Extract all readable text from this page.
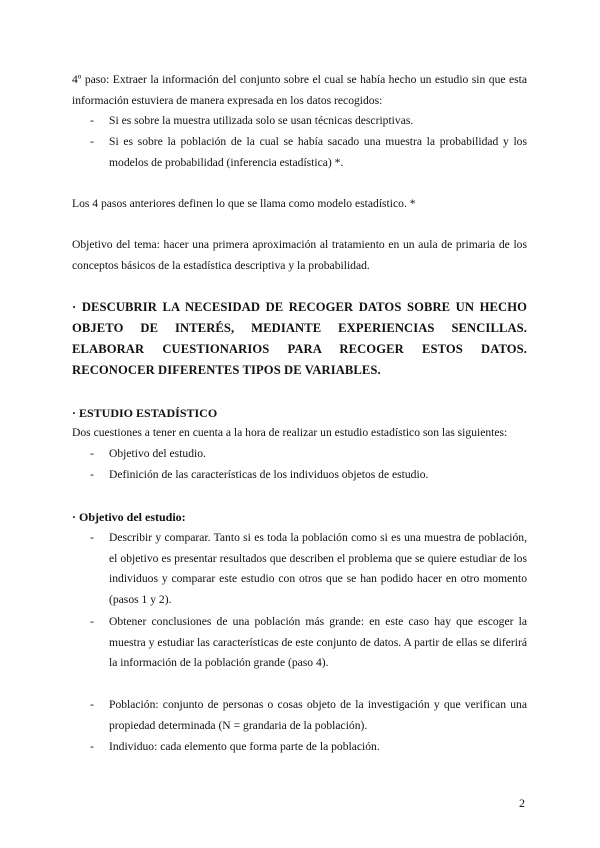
4º paso: Extraer la información del conjunto sobre el cual se había hecho un estudio sin que esta información estuviera de manera expresada en los datos recogidos:
- Si es sobre la muestra utilizada solo se usan técnicas descriptivas.
- Si es sobre la población de la cual se había sacado una muestra la probabilidad y los modelos de probabilidad (inferencia estadística) *.
Los 4 pasos anteriores definen lo que se llama como modelo estadístico. *
Objetivo del tema: hacer una primera aproximación al tratamiento en un aula de primaria de los conceptos básicos de la estadística descriptiva y la probabilidad.
· DESCUBRIR LA NECESIDAD DE RECOGER DATOS SOBRE UN HECHO OBJETO DE INTERÉS, MEDIANTE EXPERIENCIAS SENCILLAS. ELABORAR CUESTIONARIOS PARA RECOGER ESTOS DATOS. RECONOCER DIFERENTES TIPOS DE VARIABLES.
· ESTUDIO ESTADÍSTICO
Dos cuestiones a tener en cuenta a la hora de realizar un estudio estadístico son las siguientes:
- Objetivo del estudio.
- Definición de las características de los individuos objetos de estudio.
· Objetivo del estudio:
- Describir y comparar. Tanto si es toda la población como si es una muestra de población, el objetivo es presentar resultados que describen el problema que se quiere estudiar de los individuos y comparar este estudio con otros que se han podido hacer en otro momento (pasos 1 y 2).
- Obtener conclusiones de una población más grande: en este caso hay que escoger la muestra y estudiar las características de este conjunto de datos. A partir de ellas se diferirá la información de la población grande (paso 4).
- Población: conjunto de personas o cosas objeto de la investigación y que verifican una propiedad determinada (N = grandaria de la población).
- Individuo: cada elemento que forma parte de la población.
2
